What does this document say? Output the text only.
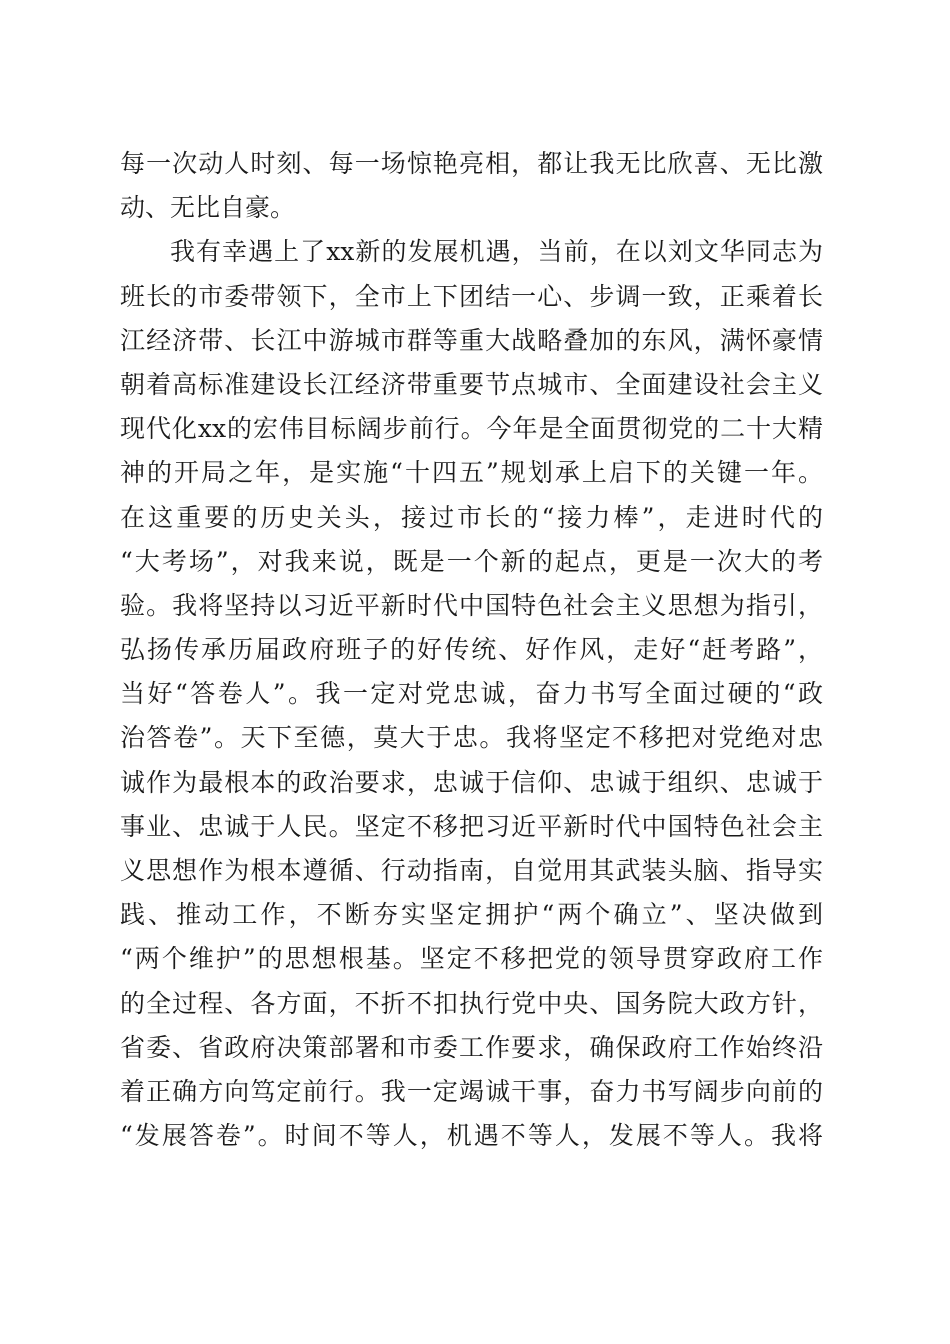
每一次动人时刻、每一场惊艳亮相，都让我无比欣喜、无比激
动、无比自豪。
我有幸遇上了xx新的发展机遇，当前，在以刘文华同志为
班长的市委带领下，全市上下团结一心、步调一致，正乘着长
江经济带、长江中游城市群等重大战略叠加的东风，满怀豪情
朝着高标准建设长江经济带重要节点城市、全面建设社会主义
现代化xx的宏伟目标阔步前行。今年是全面贯彻党的二十大精
神的开局之年，是实施“十四五”规划承上启下的关键一年。
在这重要的历史关头，接过市长的“接力棒”，走进时代的
“大考场”，对我来说，既是一个新的起点，更是一次大的考
验。我将坚持以习近平新时代中国特色社会主义思想为指引，
弘扬传承历届政府班子的好传统、好作风，走好“赶考路”，
当好“答卷人”。我一定对党忠诚，奋力书写全面过硬的“政
治答卷”。天下至德，莫大于忠。我将坚定不移把对党绝对忠
诚作为最根本的政治要求，忠诚于信仰、忠诚于组织、忠诚于
事业、忠诚于人民。坚定不移把习近平新时代中国特色社会主
义思想作为根本遵循、行动指南，自觉用其武装头脑、指导实
践、推动工作，不断夯实坚定拥护“两个确立”、坚决做到
“两个维护”的思想根基。坚定不移把党的领导贯穿政府工作
的全过程、各方面，不折不扣执行党中央、国务院大政方针，
省委、省政府决策部署和市委工作要求，确保政府工作始终沿
着正确方向笃定前行。我一定竭诚干事，奋力书写阔步向前的
“发展答卷”。时间不等人，机遇不等人，发展不等人。我将
